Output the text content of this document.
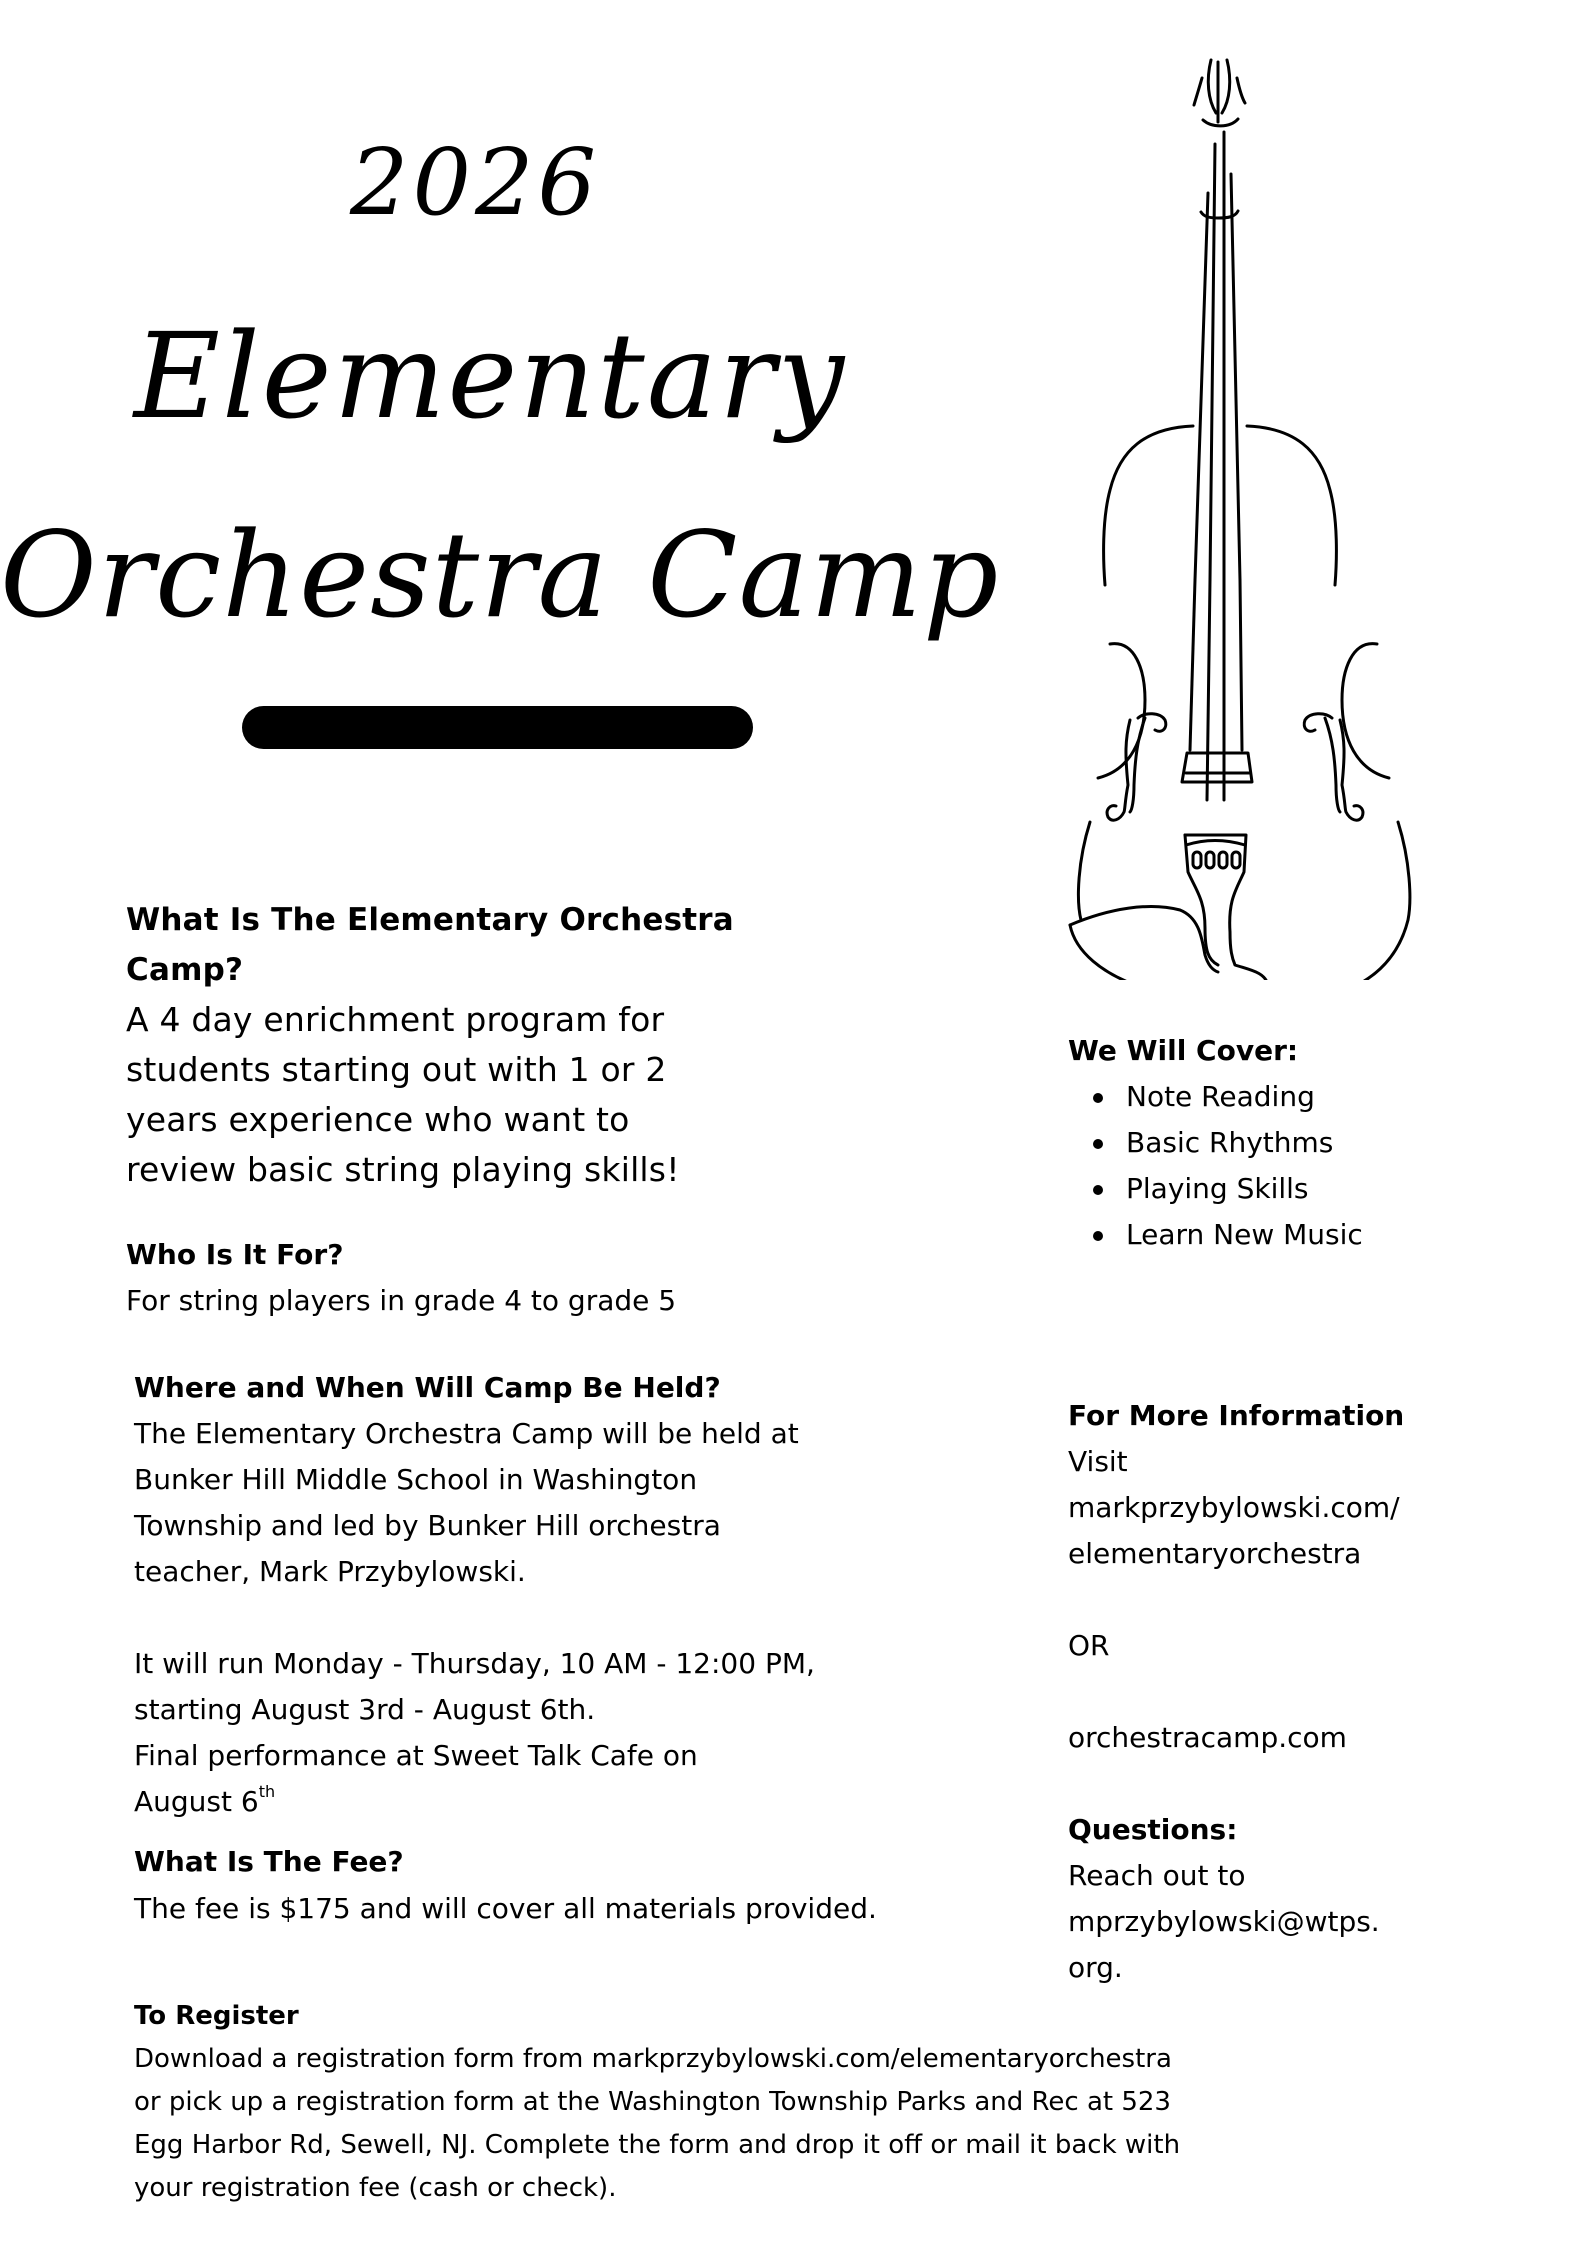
2026
Elementary
Orchestra Camp
What Is The Elementary Orchestra
Camp?
A 4 day enrichment program for
students starting out with 1 or 2
years experience who want to
review basic string playing skills!
Who Is It For?
For string players in grade 4 to grade 5
Where and When Will Camp Be Held?
The Elementary Orchestra Camp will be held at
Bunker Hill Middle School in Washington
Township and led by Bunker Hill orchestra
teacher, Mark Przybylowski.
It will run Monday - Thursday, 10 AM - 12:00 PM,
starting August 3rd - August 6th.
Final performance at Sweet Talk Cafe on
August 6th
What Is The Fee?
The fee is $175 and will cover all materials provided.
We Will Cover:
Note Reading
Basic Rhythms
Playing Skills
Learn New Music
For More Information
Visit
markprzybylowski.com/
elementaryorchestra
OR
orchestracamp.com
Questions:
Reach out to
mprzybylowski@wtps.
org.
To Register
Download a registration form from markprzybylowski.com/elementaryorchestra
or pick up a registration form at the Washington Township Parks and Rec at 523
Egg Harbor Rd, Sewell, NJ. Complete the form and drop it off or mail it back with
your registration fee (cash or check).
